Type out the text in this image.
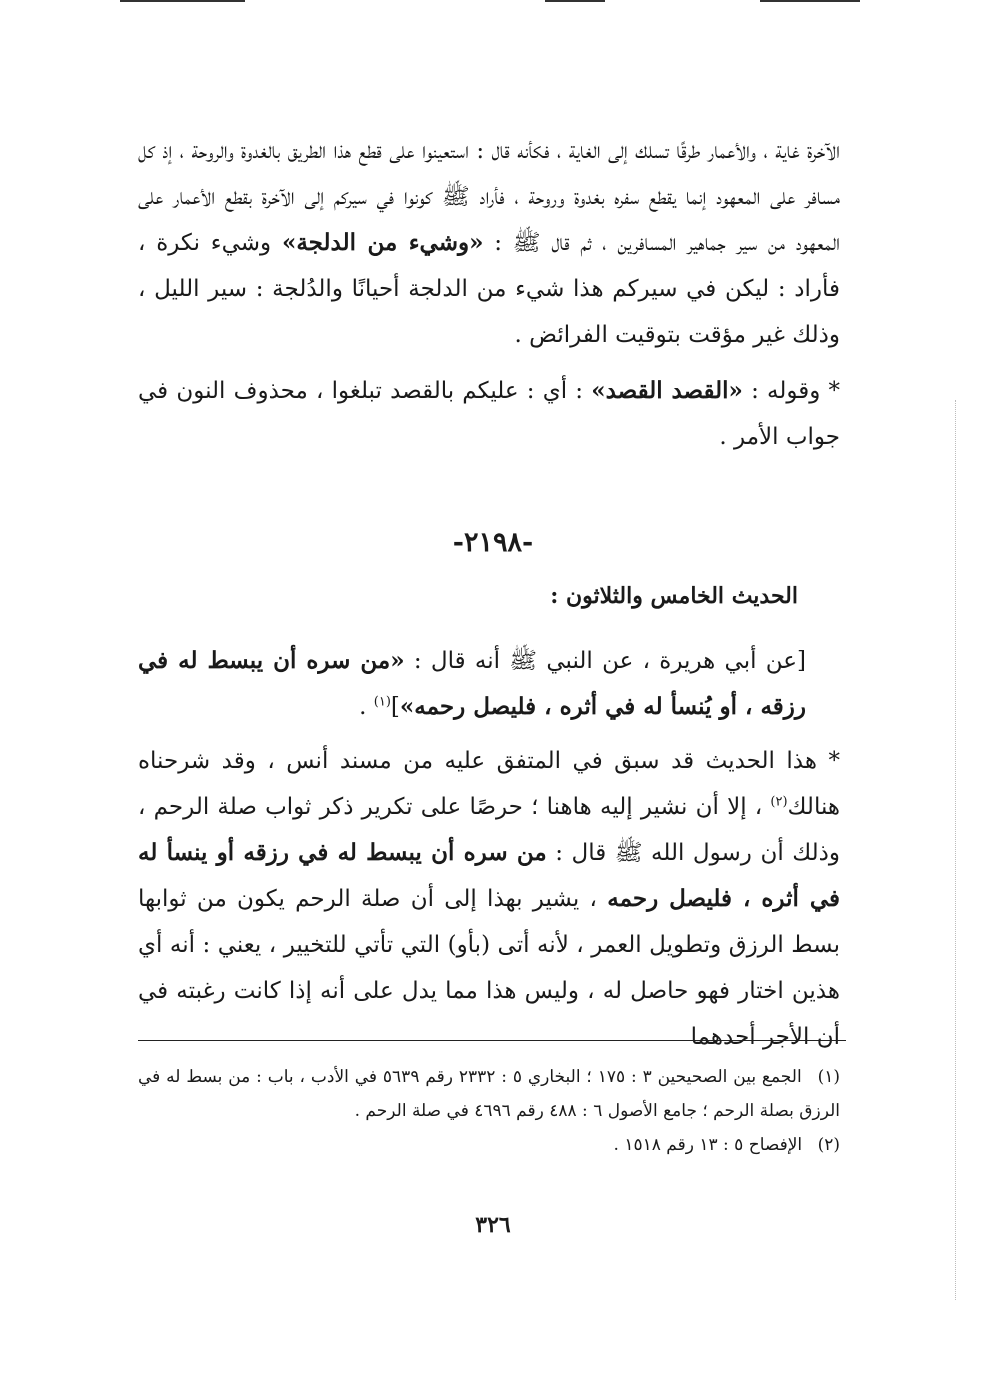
الآخرة غاية ، والأعمار طرقًا تسلك إلى الغاية ، فكأنه قال : استعينوا على قطع هذا الطريق بالغدوة والروحة ، إذ كل مسافر على المعهود إنما يقطع سفره بغدوة وروحة ، فأراد ﷺ كونوا في سيركم إلى الآخرة بقطع الأعمار على المعهود من سير جماهير المسافرين ، ثم قال ﷺ : «وشيء من الدلجة» وشيء نكرة ، فأراد : ليكن في سيركم هذا شيء من الدلجة أحيانًا والدُلجة : سير الليل ، وذلك غير مؤقت بتوقيت الفرائض .

* وقوله : «القصد القصد» : أي : عليكم بالقصد تبلغوا ، محذوف النون في جواب الأمر .

-٢١٩٨-
الحديث الخامس والثلاثون :

[عن أبي هريرة ، عن النبي ﷺ أنه قال : «من سره أن يبسط له في رزقه ، أو يُنسأ له في أثره ، فليصل رحمه»]$^{(١)}$ .

* هذا الحديث قد سبق في المتفق عليه من مسند أنس ، وقد شرحناه هنالك$^{(٢)}$ ، إلا أن نشير إليه هاهنا ؛ حرصًا على تكرير ذكر ثواب صلة الرحم ، وذلك أن رسول الله ﷺ قال : من سره أن يبسط له في رزقه أو ينسأ له في أثره ، فليصل رحمه ، يشير بهذا إلى أن صلة الرحم يكون من ثوابها بسط الرزق وتطويل العمر ، لأنه أتى (بأو) التي تأتي للتخيير ، يعني : أنه أي هذين اختار فهو حاصل له ، وليس هذا مما يدل على أنه إذا كانت رغبته في أن الأجر أحدهما

(١) الجمع بين الصحيحين ٣ : ١٧٥ ؛ البخاري ٥ : ٢٣٣٢ رقم ٥٦٣٩ في الأدب ، باب : من بسط له في الرزق بصلة الرحم ؛ جامع الأصول ٦ : ٤٨٨ رقم ٤٦٩٦ في صلة الرحم .

(٢) الإفصاح ٥ : ١٣ رقم ١٥١٨ .

٣٢٦
